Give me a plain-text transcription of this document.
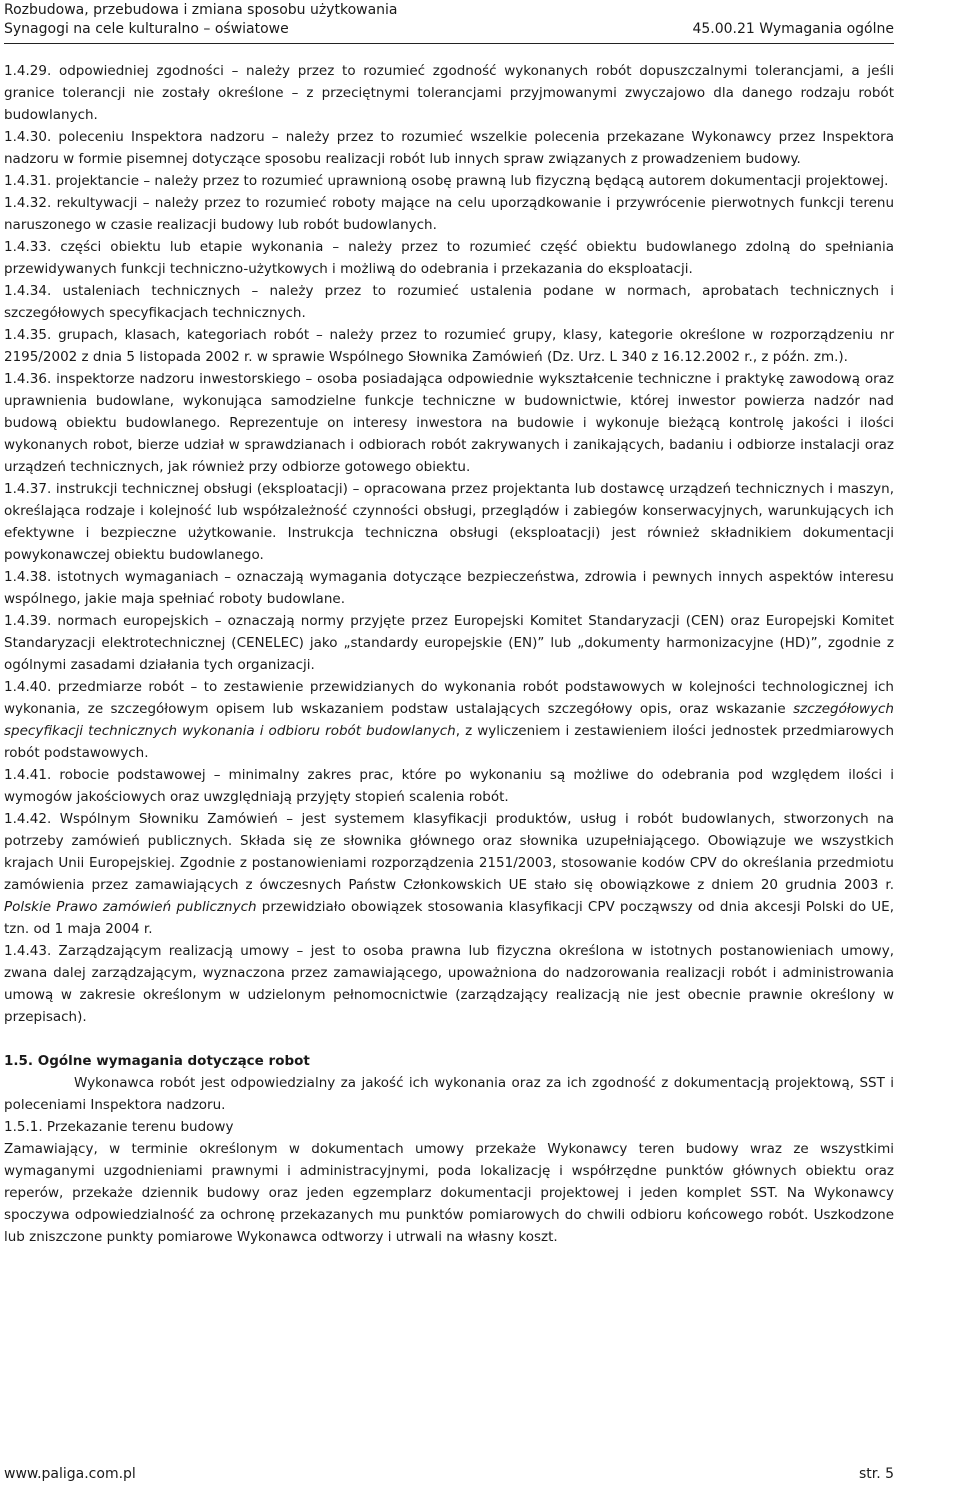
Rozbudowa, przebudowa i zmiana sposobu użytkowania
Synagogi na cele kulturalno – oświatowe	45.00.21 Wymagania ogólne

1.4.29. odpowiedniej zgodności – należy przez to rozumieć zgodność wykonanych robót dopuszczalnymi tolerancjami, a jeśli granice tolerancji nie zostały określone – z przeciętnymi tolerancjami przyjmowanymi zwyczajowo dla danego rodzaju robót budowlanych.

1.4.30. poleceniu Inspektora nadzoru – należy przez to rozumieć wszelkie polecenia przekazane Wykonawcy przez Inspektora nadzoru w formie pisemnej dotyczące sposobu realizacji robót lub innych spraw związanych z prowadzeniem budowy.

1.4.31. projektancie – należy przez to rozumieć uprawnioną osobę prawną lub fizyczną będącą autorem dokumentacji projektowej.

1.4.32. rekultywacji – należy przez to rozumieć roboty mające na celu uporządkowanie i przywrócenie pierwotnych funkcji terenu naruszonego w czasie realizacji budowy lub robót budowlanych.

1.4.33. części obiektu lub etapie wykonania – należy przez to rozumieć część obiektu budowlanego zdolną do spełniania przewidywanych funkcji techniczno-użytkowych i możliwą do odebrania i przekazania do eksploatacji.

1.4.34. ustaleniach technicznych – należy przez to rozumieć ustalenia podane w normach, aprobatach technicznych i szczegółowych specyfikacjach technicznych.

1.4.35. grupach, klasach, kategoriach robót – należy przez to rozumieć grupy, klasy, kategorie określone w rozporządzeniu nr 2195/2002 z dnia 5 listopada 2002 r. w sprawie Wspólnego Słownika Zamówień (Dz. Urz. L 340 z 16.12.2002 r., z późn. zm.).

1.4.36. inspektorze nadzoru inwestorskiego – osoba posiadająca odpowiednie wykształcenie techniczne i praktykę zawodową oraz uprawnienia budowlane, wykonująca samodzielne funkcje techniczne w budownictwie, której inwestor powierza nadzór nad budową obiektu budowlanego. Reprezentuje on interesy inwestora na budowie i wykonuje bieżącą kontrolę jakości i ilości wykonanych robot, bierze udział w sprawdzianach i odbiorach robót zakrywanych i zanikających, badaniu i odbiorze instalacji oraz urządzeń technicznych, jak również przy odbiorze gotowego obiektu.

1.4.37. instrukcji technicznej obsługi (eksploatacji) – opracowana przez projektanta lub dostawcę urządzeń technicznych i maszyn, określająca rodzaje i kolejność lub współzależność czynności obsługi, przeglądów i zabiegów konserwacyjnych, warunkujących ich efektywne i bezpieczne użytkowanie. Instrukcja techniczna obsługi (eksploatacji) jest również składnikiem dokumentacji powykonawczej obiektu budowlanego.

1.4.38. istotnych wymaganiach – oznaczają wymagania dotyczące bezpieczeństwa, zdrowia i pewnych innych aspektów interesu wspólnego, jakie maja spełniać roboty budowlane.

1.4.39. normach europejskich – oznaczają normy przyjęte przez Europejski Komitet Standaryzacji (CEN) oraz Europejski Komitet Standaryzacji elektrotechnicznej (CENELEC) jako „standardy europejskie (EN)” lub „dokumenty harmonizacyjne (HD)”, zgodnie z ogólnymi zasadami działania tych organizacji.

1.4.40. przedmiarze robót – to zestawienie przewidzianych do wykonania robót podstawowych w kolejności technologicznej ich wykonania, ze szczegółowym opisem lub wskazaniem podstaw ustalających szczegółowy opis, oraz wskazanie szczegółowych specyfikacji technicznych wykonania i odbioru robót budowlanych, z wyliczeniem i zestawieniem ilości jednostek przedmiarowych robót podstawowych.

1.4.41. robocie podstawowej – minimalny zakres prac, które po wykonaniu są możliwe do odebrania pod względem ilości i wymogów jakościowych oraz uwzględniają przyjęty stopień scalenia robót.

1.4.42. Wspólnym Słowniku Zamówień – jest systemem klasyfikacji produktów, usług i robót budowlanych, stworzonych na potrzeby zamówień publicznych. Składa się ze słownika głównego oraz słownika uzupełniającego. Obowiązuje we wszystkich krajach Unii Europejskiej. Zgodnie z postanowieniami rozporządzenia 2151/2003, stosowanie kodów CPV do określania przedmiotu zamówienia przez zamawiających z ówczesnych Państw Członkowskich UE stało się obowiązkowe z dniem 20 grudnia 2003 r. Polskie Prawo zamówień publicznych przewidziało obowiązek stosowania klasyfikacji CPV począwszy od dnia akcesji Polski do UE, tzn. od 1 maja 2004 r.

1.4.43. Zarządzającym realizacją umowy – jest to osoba prawna lub fizyczna określona w istotnych postanowieniach umowy, zwana dalej zarządzającym, wyznaczona przez zamawiającego, upoważniona do nadzorowania realizacji robót i administrowania umową w zakresie określonym w udzielonym pełnomocnictwie (zarządzający realizacją nie jest obecnie prawnie określony w przepisach).

1.5. Ogólne wymagania dotyczące robot

Wykonawca robót jest odpowiedzialny za jakość ich wykonania oraz za ich zgodność z dokumentacją projektową, SST i poleceniami Inspektora nadzoru.

1.5.1. Przekazanie terenu budowy

Zamawiający, w terminie określonym w dokumentach umowy przekaże Wykonawcy teren budowy wraz ze wszystkimi wymaganymi uzgodnieniami prawnymi i administracyjnymi, poda lokalizację i współrzędne punktów głównych obiektu oraz reperów, przekaże dziennik budowy oraz jeden egzemplarz dokumentacji projektowej i jeden komplet SST. Na Wykonawcy spoczywa odpowiedzialność za ochronę przekazanych mu punktów pomiarowych do chwili odbioru końcowego robót. Uszkodzone lub zniszczone punkty pomiarowe Wykonawca odtworzy i utrwali na własny koszt.

www.paliga.com.pl	str. 5
